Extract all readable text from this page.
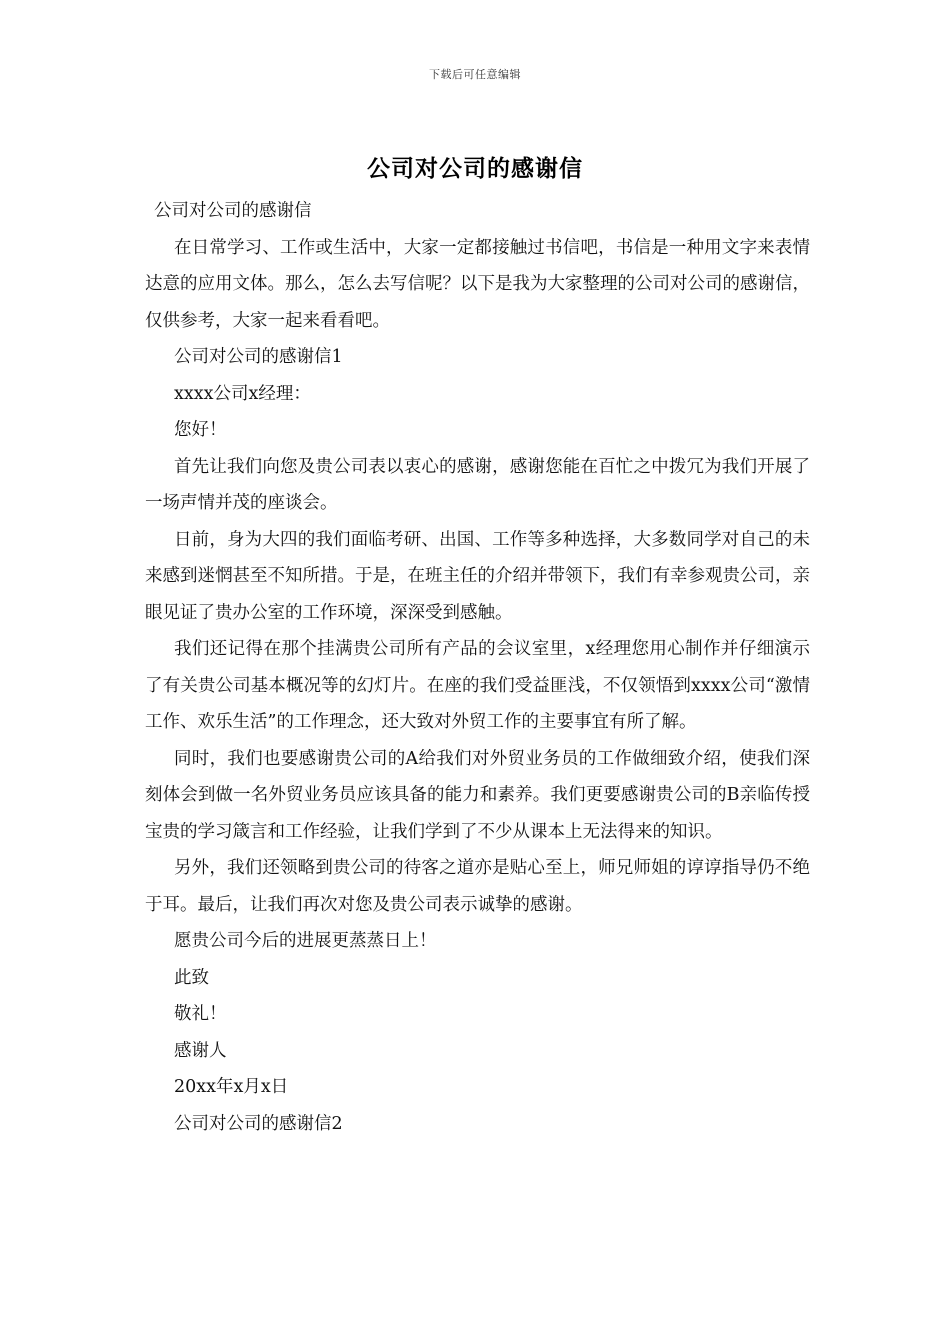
下载后可任意编辑
公司对公司的感谢信

公司对公司的感谢信

在日常学习、工作或生活中，大家一定都接触过书信吧，书信是一种用文字来表情达意的应用文体。那么，怎么去写信呢？以下是我为大家整理的公司对公司的感谢信，仅供参考，大家一起来看看吧。

公司对公司的感谢信1

xxxx公司x经理：

您好！

首先让我们向您及贵公司表以衷心的感谢，感谢您能在百忙之中拨冗为我们开展了一场声情并茂的座谈会。

日前，身为大四的我们面临考研、出国、工作等多种选择，大多数同学对自己的未来感到迷惘甚至不知所措。于是，在班主任的介绍并带领下，我们有幸参观贵公司，亲眼见证了贵办公室的工作环境，深深受到感触。

我们还记得在那个挂满贵公司所有产品的会议室里，x经理您用心制作并仔细演示了有关贵公司基本概况等的幻灯片。在座的我们受益匪浅，不仅领悟到xxxx公司“激情工作、欢乐生活”的工作理念，还大致对外贸工作的主要事宜有所了解。

同时，我们也要感谢贵公司的A给我们对外贸业务员的工作做细致介绍，使我们深刻体会到做一名外贸业务员应该具备的能力和素养。我们更要感谢贵公司的B亲临传授宝贵的学习箴言和工作经验，让我们学到了不少从课本上无法得来的知识。

另外，我们还领略到贵公司的待客之道亦是贴心至上，师兄师姐的谆谆指导仍不绝于耳。最后，让我们再次对您及贵公司表示诚挚的感谢。

愿贵公司今后的进展更蒸蒸日上！

此致

敬礼！

感谢人

20xx年x月x日

公司对公司的感谢信2
